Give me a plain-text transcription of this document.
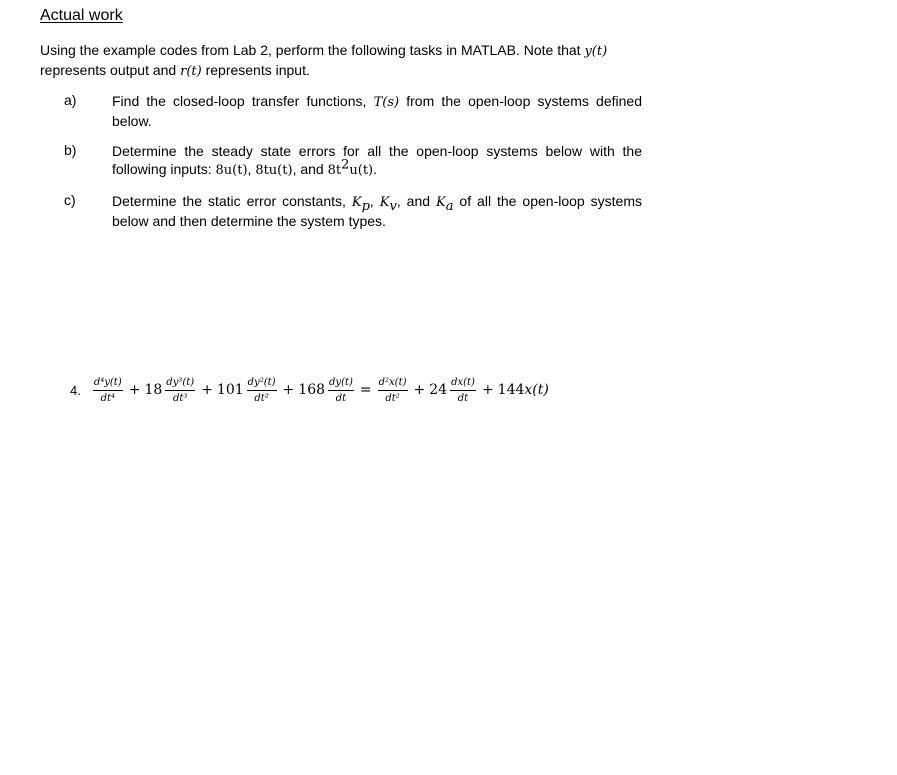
Actual work
Using the example codes from Lab 2, perform the following tasks in MATLAB. Note that y(t) represents output and r(t) represents input.
a)	Find the closed-loop transfer functions, T(s) from the open-loop systems defined below.
b)	Determine the steady state errors for all the open-loop systems below with the following inputs: 8u(t), 8tu(t), and $8t^2u(t)$.
c)	Determine the static error constants, $K_p$, $K_v$, and $K_a$ of all the open-loop systems below and then determine the system types.
4. $\frac{\text{d⁴y(t)}}{\text{dt⁴}} + 18 \frac{\text{dy³(t)}}{\text{dt³}} + 101 \frac{\text{dy²(t)}}{\text{dt²}} + 168 \frac{dy(t)}{dt} = \frac{\text{d²x(t)}}{\text{dt²}} + 24 \frac{dx(t)}{dt} + 144$ x(t)
